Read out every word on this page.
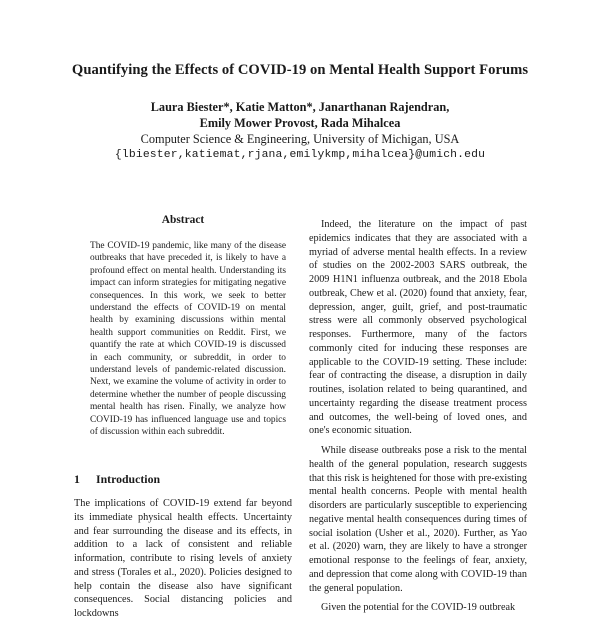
Quantifying the Effects of COVID-19 on Mental Health Support Forums
Laura Biester*, Katie Matton*, Janarthanan Rajendran,
Emily Mower Provost, Rada Mihalcea
Computer Science & Engineering, University of Michigan, USA
{lbiester,katiemat,rjana,emilykmp,mihalcea}@umich.edu
Abstract
The COVID-19 pandemic, like many of the disease outbreaks that have preceded it, is likely to have a profound effect on mental health. Understanding its impact can inform strategies for mitigating negative consequences. In this work, we seek to better understand the effects of COVID-19 on mental health by examining discussions within mental health support communities on Reddit. First, we quantify the rate at which COVID-19 is discussed in each community, or subreddit, in order to understand levels of pandemic-related discussion. Next, we examine the volume of activity in order to determine whether the number of people discussing mental health has risen. Finally, we analyze how COVID-19 has influenced language use and topics of discussion within each subreddit.
1 Introduction

The implications of COVID-19 extend far beyond its immediate physical health effects. Uncertainty and fear surrounding the disease and its effects, in addition to a lack of consistent and reliable information, contribute to rising levels of anxiety and stress (Torales et al., 2020). Policies designed to help contain the disease also have significant consequences. Social distancing policies and lockdowns

Indeed, the literature on the impact of past epidemics indicates that they are associated with a myriad of adverse mental health effects. In a review of studies on the 2002-2003 SARS outbreak, the 2009 H1N1 influenza outbreak, and the 2018 Ebola outbreak, Chew et al. (2020) found that anxiety, fear, depression, anger, guilt, grief, and post-traumatic stress were all commonly observed psychological responses. Furthermore, many of the factors commonly cited for inducing these responses are applicable to the COVID-19 setting. These include: fear of contracting the disease, a disruption in daily routines, isolation related to being quarantined, and uncertainty regarding the disease treatment process and outcomes, the well-being of loved ones, and one's economic situation.

While disease outbreaks pose a risk to the mental health of the general population, research suggests that this risk is heightened for those with pre-existing mental health concerns. People with mental health disorders are particularly susceptible to experiencing negative mental health consequences during times of social isolation (Usher et al., 2020). Further, as Yao et al. (2020) warn, they are likely to have a stronger emotional response to the feelings of fear, anxiety, and depression that come along with COVID-19 than the general population.

Given the potential for the COVID-19 outbreak
